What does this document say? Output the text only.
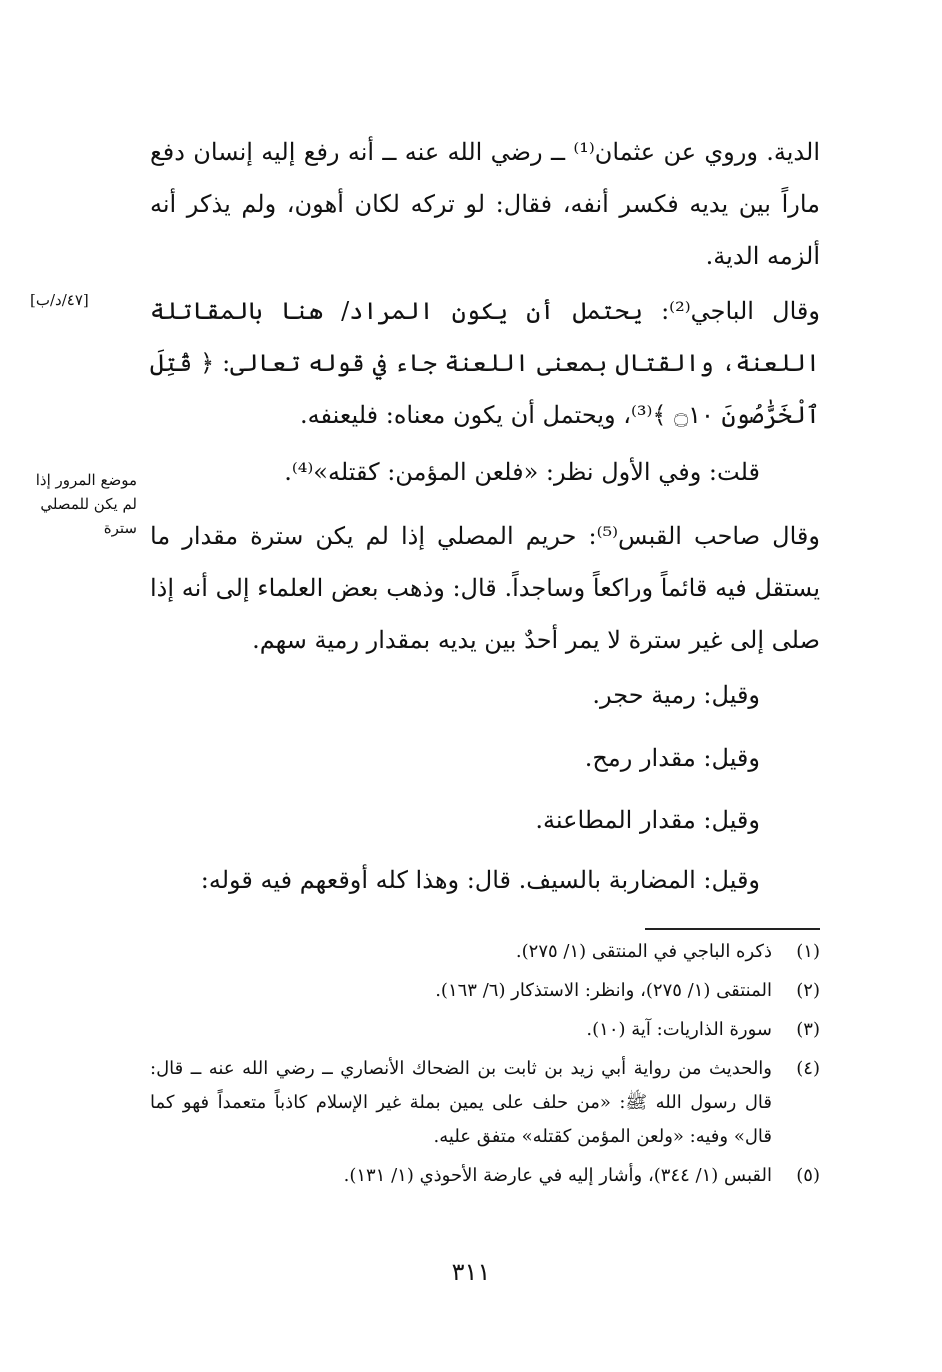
الدية. وروي عن عثمان⁽¹⁾ ــ رضي الله عنه ــ أنه رفع إليه إنسان دفع ماراً بين يديه فكسر أنفه، فقال: لو تركه لكان أهون، ولم يذكر أنه ألزمه الدية.
[٤٧/د/ب]	وقال الباجي⁽²⁾: يحتمل أن يكون المراد/ هنا بالمقاتلة اللعنة، والقتال بمعنى اللعنة جاء في قوله تعالى: ﴿ قُتِلَ ٱلْخَرَّٰصُونَ ۝١٠ ﴾⁽³⁾، ويحتمل أن يكون معناه: فليعنفه.
قلت: وفي الأول نظر: «فلعن المؤمن: كقتله»⁽⁴⁾.
موضع المرور إذا لم يكن للمصلي سترة وقال صاحب القبس⁽⁵⁾: حريم المصلي إذا لم يكن سترة مقدار ما يستقل فيه قائماً وراكعاً وساجداً. قال: وذهب بعض العلماء إلى أنه إذا صلى إلى غير سترة لا يمر أحدٌ بين يديه بمقدار رمية سهم.
وقيل: رمية حجر.
وقيل: مقدار رمح.
وقيل: مقدار المطاعنة.
وقيل: المضاربة بالسيف. قال: وهذا كله أوقعهم فيه قوله:
(١)
ذكره الباجي في المنتقى (١/ ٢٧٥).
(٢)
المنتقى (١/ ٢٧٥)، وانظر: الاستذكار (٦/ ١٦٣).
(٣)
سورة الذاريات: آية (١٠).
(٤)
والحديث من رواية أبي زيد بن ثابت بن الضحاك الأنصاري ــ رضي الله عنه ــ قال: قال رسول الله ﷺ: «من حلف على يمين بملة غير الإسلام كاذباً متعمداً فهو كما قال» وفيه: «ولعن المؤمن كقتله» متفق عليه.
(٥)
القبس (١/ ٣٤٤)، وأشار إليه في عارضة الأحوذي (١/ ١٣١).
٣١١
